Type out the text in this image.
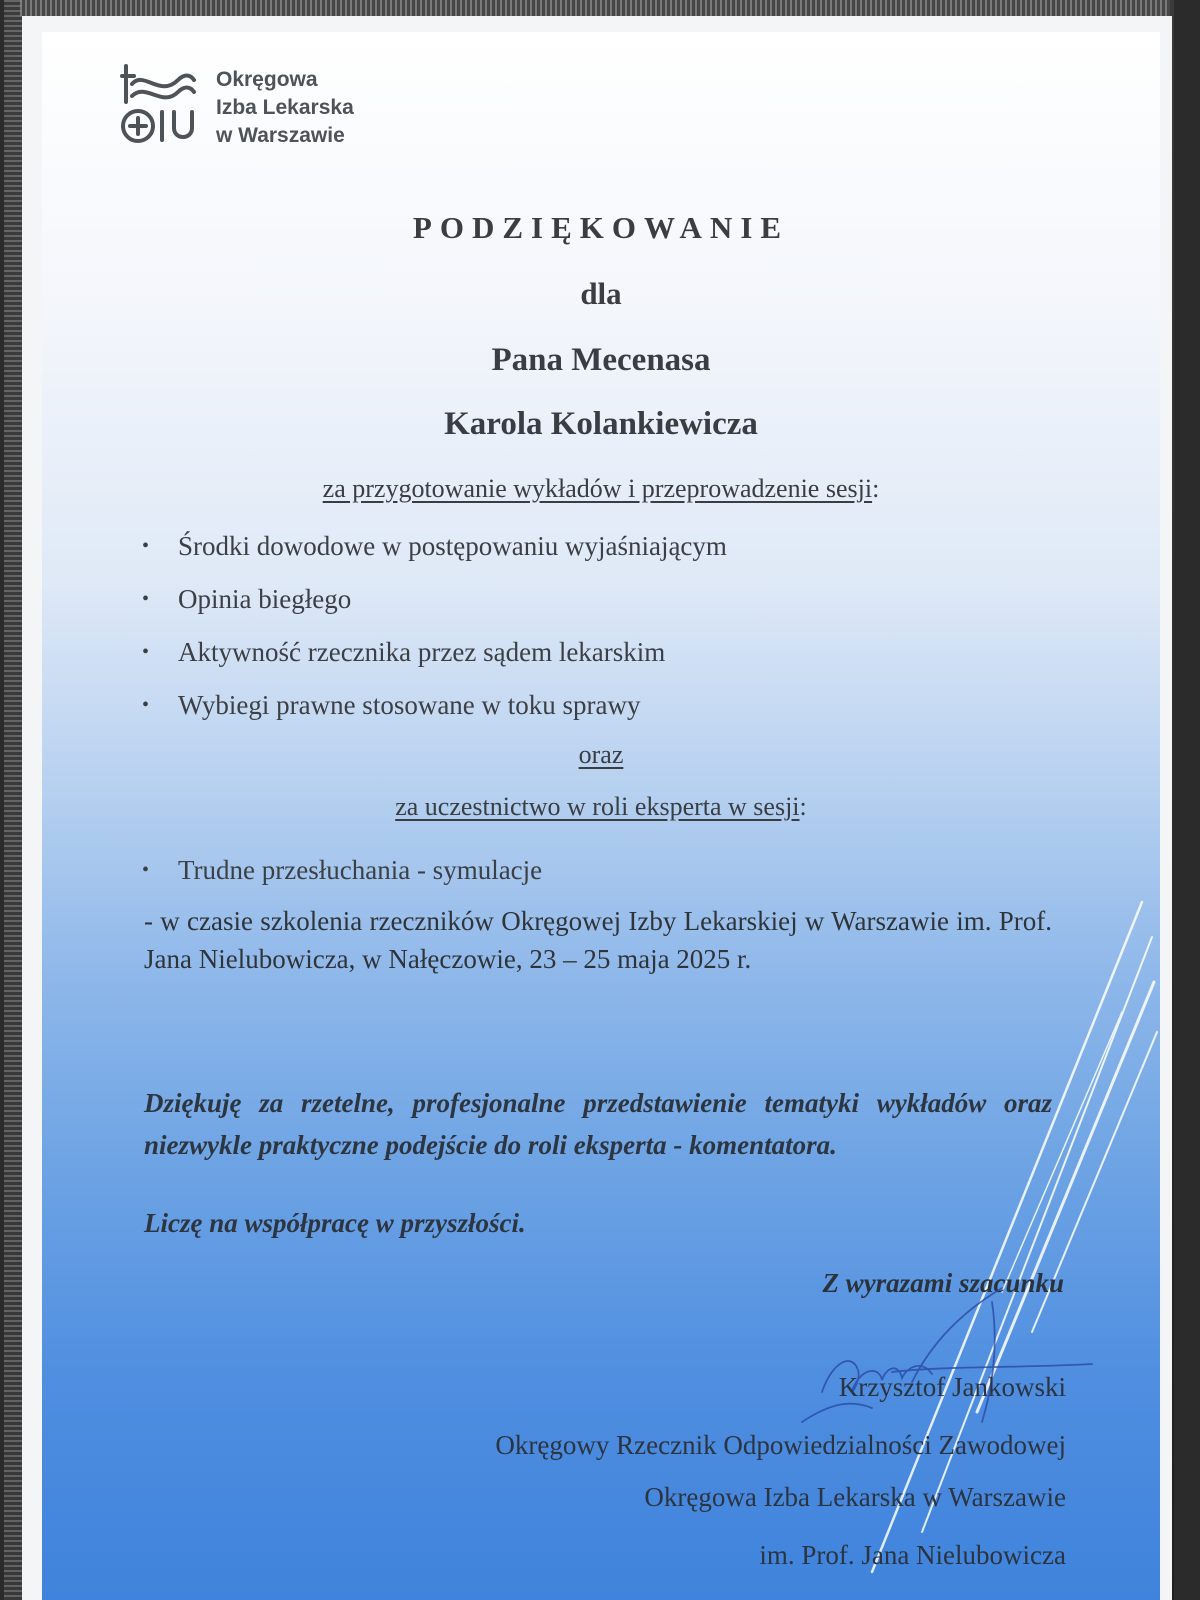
Okręgowa
Izba Lekarska
w Warszawie
PODZIĘKOWANIE
dla
Pana Mecenasa
Karola Kolankiewicza
za przygotowanie wykładów i przeprowadzenie sesji:
• Środki dowodowe w postępowaniu wyjaśniającym
• Opinia biegłego
• Aktywność rzecznika przez sądem lekarskim
• Wybiegi prawne stosowane w toku sprawy
oraz
za uczestnictwo w roli eksperta w sesji:
• Trudne przesłuchania - symulacje
- w czasie szkolenia rzeczników Okręgowej Izby Lekarskiej w Warszawie im. Prof. Jana Nielubowicza, w Nałęczowie, 23 – 25 maja 2025 r.
Dziękuję za rzetelne, profesjonalne przedstawienie tematyki wykładów oraz niezwykle praktyczne podejście do roli eksperta - komentatora.
Liczę na współpracę w przyszłości.
Z wyrazami szacunku
Krzysztof Jankowski
Okręgowy Rzecznik Odpowiedzialności Zawodowej
Okręgowa Izba Lekarska w Warszawie
im. Prof. Jana Nielubowicza
